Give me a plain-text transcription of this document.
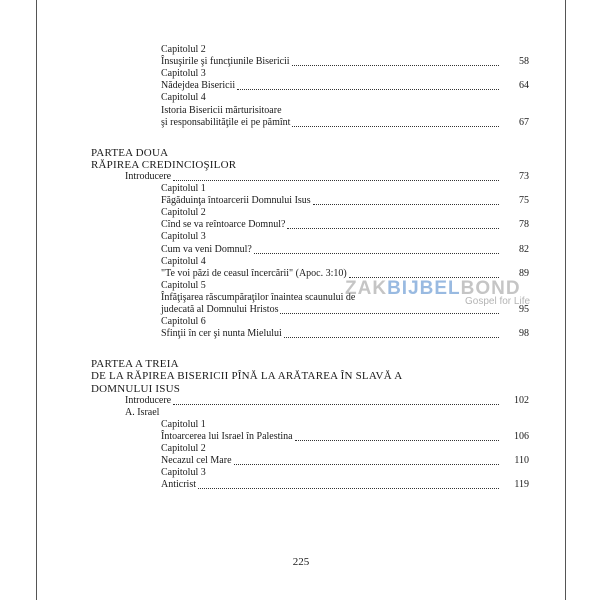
Capitolul 2
Însuşirile şi funcţiunile Bisericii	58
Capitolul 3
Nădejdea Bisericii	64
Capitolul 4
Istoria Bisericii mărturisitoare
şi responsabilităţile ei pe pămînt	67
PARTEA DOUA
RĂPIREA CREDINCIOŞILOR
Introducere	73
Capitolul 1
Făgăduinţa întoarcerii Domnului Isus	75
Capitolul 2
Cînd se va reîntoarce Domnul?	78
Capitolul 3
Cum va veni Domnul?	82
Capitolul 4
"Te voi păzi de ceasul încercării" (Apoc. 3:10)	89
Capitolul 5
Înfăţişarea răscumpăraţilor înaintea scaunului de
judecată al Domnului Hristos	95
Capitolul 6
Sfinţii în cer şi nunta Mielului	98
PARTEA A TREIA
DE LA RĂPIREA BISERICII PÎNĂ LA ARĂTAREA ÎN SLAVĂ A
DOMNULUI ISUS
Introducere	102
A. Israel
Capitolul 1
Întoarcerea lui Israel în Palestina	106
Capitolul 2
Necazul cel Mare	110
Capitolul 3
Anticrist	119
ZAKBIJBELBOND
Gospel for Life
225
